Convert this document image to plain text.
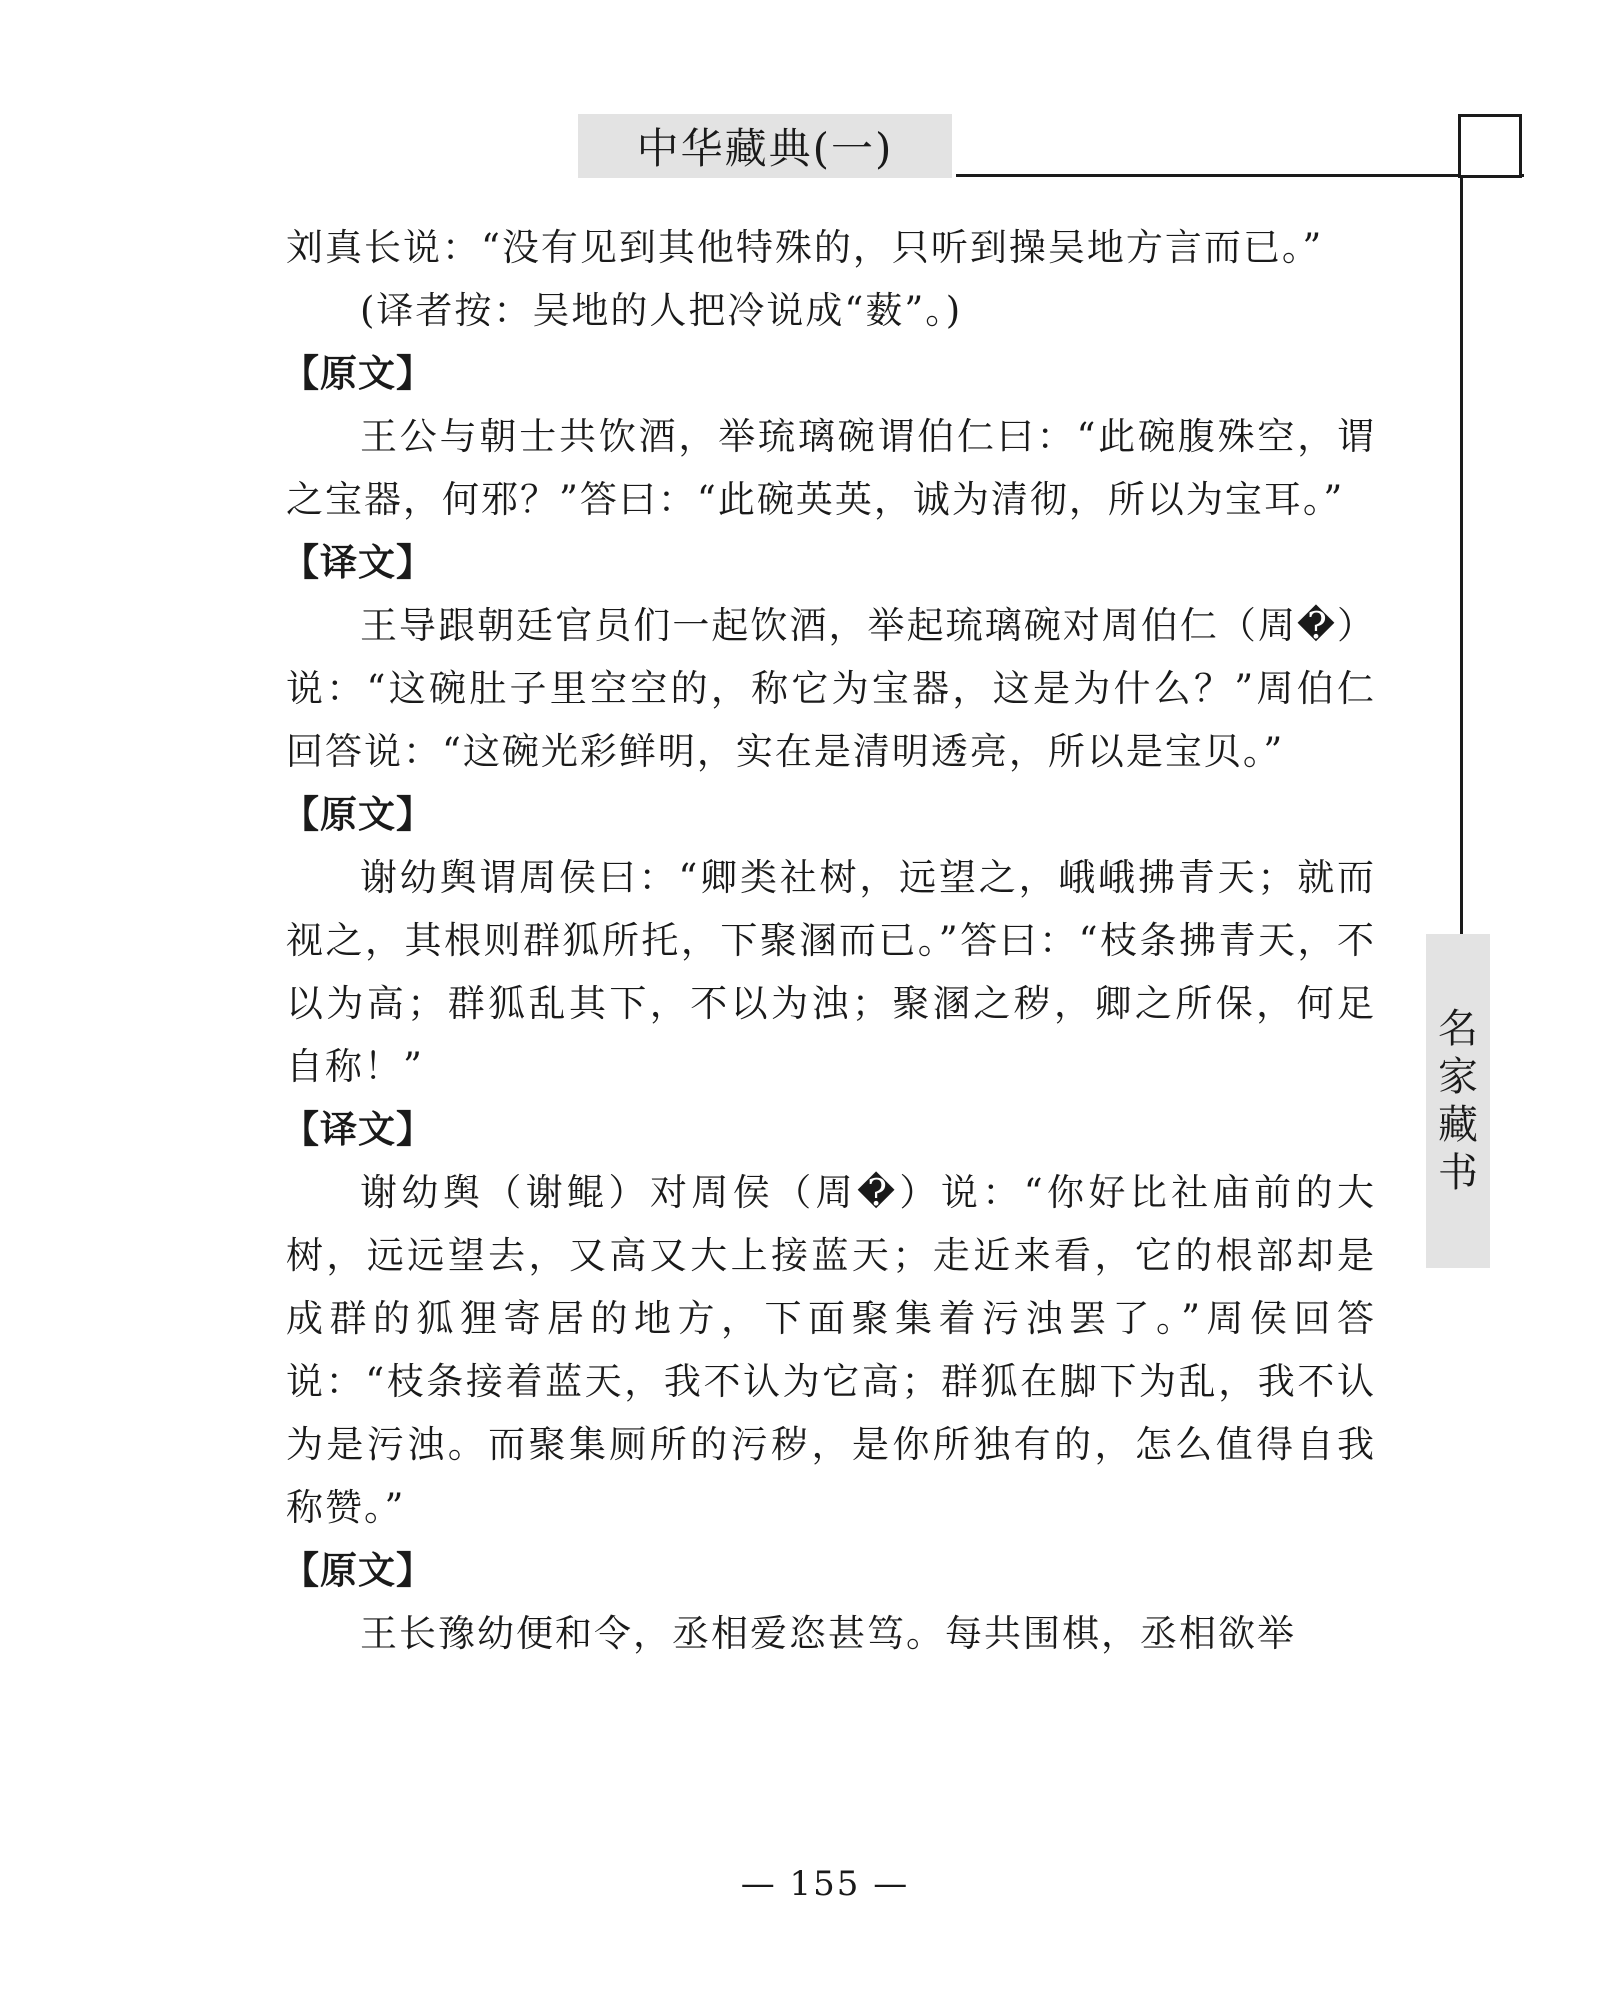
中华藏典(一)
名
家
藏
书

刘真长说：“没有见到其他特殊的，只听到操吴地方言而已。”

(译者按：吴地的人把冷说成“薮”。)

【原文】

王公与朝士共饮酒，举琉璃碗谓伯仁曰：“此碗腹殊空，谓之宝器，何邪？”答曰：“此碗英英，诚为清彻，所以为宝耳。”

【译文】

王导跟朝廷官员们一起饮酒，举起琉璃碗对周伯仁（周�）说：“这碗肚子里空空的，称它为宝器，这是为什么？”周伯仁回答说：“这碗光彩鲜明，实在是清明透亮，所以是宝贝。”

【原文】

谢幼舆谓周侯曰：“卿类社树，远望之，峨峨拂青天；就而视之，其根则群狐所托，下聚溷而已。”答曰：“枝条拂青天，不以为高；群狐乱其下，不以为浊；聚溷之秽，卿之所保，何足自称！”

【译文】

谢幼舆（谢鲲）对周侯（周�）说：“你好比社庙前的大树，远远望去，又高又大上接蓝天；走近来看，它的根部却是成群的狐狸寄居的地方，下面聚集着污浊罢了。”周侯回答说：“枝条接着蓝天，我不认为它高；群狐在脚下为乱，我不认为是污浊。而聚集厕所的污秽，是你所独有的，怎么值得自我称赞。”

【原文】

王长豫幼便和令，丞相爱恣甚笃。每共围棋，丞相欲举

— 155 —
